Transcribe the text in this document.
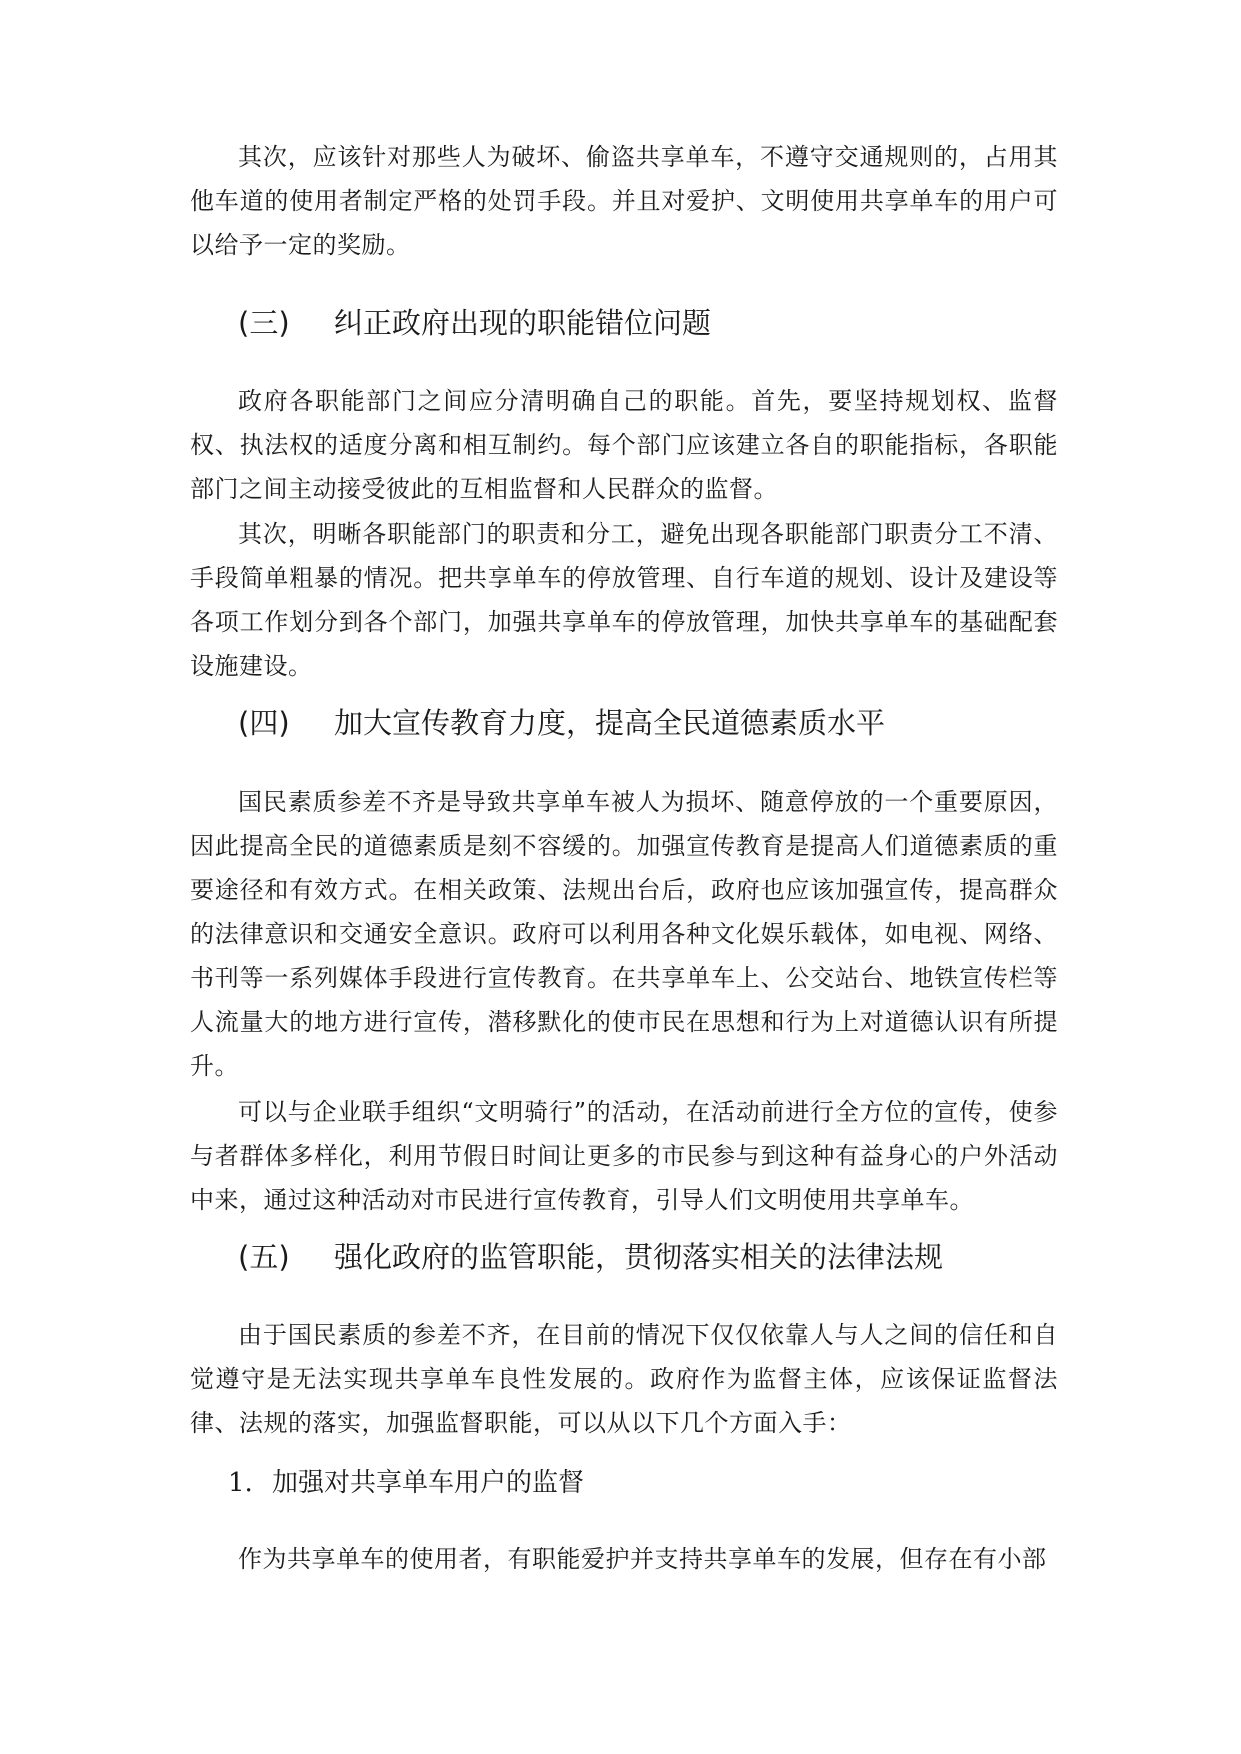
其次，应该针对那些人为破坏、偷盗共享单车，不遵守交通规则的，占用其他车道的使用者制定严格的处罚手段。并且对爱护、文明使用共享单车的用户可以给予一定的奖励。

(三) 纠正政府出现的职能错位问题

政府各职能部门之间应分清明确自己的职能。首先，要坚持规划权、监督权、执法权的适度分离和相互制约。每个部门应该建立各自的职能指标，各职能部门之间主动接受彼此的互相监督和人民群众的监督。

其次，明晰各职能部门的职责和分工，避免出现各职能部门职责分工不清、手段简单粗暴的情况。把共享单车的停放管理、自行车道的规划、设计及建设等各项工作划分到各个部门，加强共享单车的停放管理，加快共享单车的基础配套设施建设。

(四) 加大宣传教育力度，提高全民道德素质水平

国民素质参差不齐是导致共享单车被人为损坏、随意停放的一个重要原因，因此提高全民的道德素质是刻不容缓的。加强宣传教育是提高人们道德素质的重要途径和有效方式。在相关政策、法规出台后，政府也应该加强宣传，提高群众的法律意识和交通安全意识。政府可以利用各种文化娱乐载体，如电视、网络、书刊等一系列媒体手段进行宣传教育。在共享单车上、公交站台、地铁宣传栏等人流量大的地方进行宣传，潜移默化的使市民在思想和行为上对道德认识有所提升。

可以与企业联手组织“文明骑行”的活动，在活动前进行全方位的宣传，使参与者群体多样化，利用节假日时间让更多的市民参与到这种有益身心的户外活动中来，通过这种活动对市民进行宣传教育，引导人们文明使用共享单车。

(五) 强化政府的监管职能，贯彻落实相关的法律法规

由于国民素质的参差不齐，在目前的情况下仅仅依靠人与人之间的信任和自觉遵守是无法实现共享单车良性发展的。政府作为监督主体，应该保证监督法律、法规的落实，加强监督职能，可以从以下几个方面入手：

1. 加强对共享单车用户的监督

作为共享单车的使用者，有职能爱护并支持共享单车的发展，但存在有小部
